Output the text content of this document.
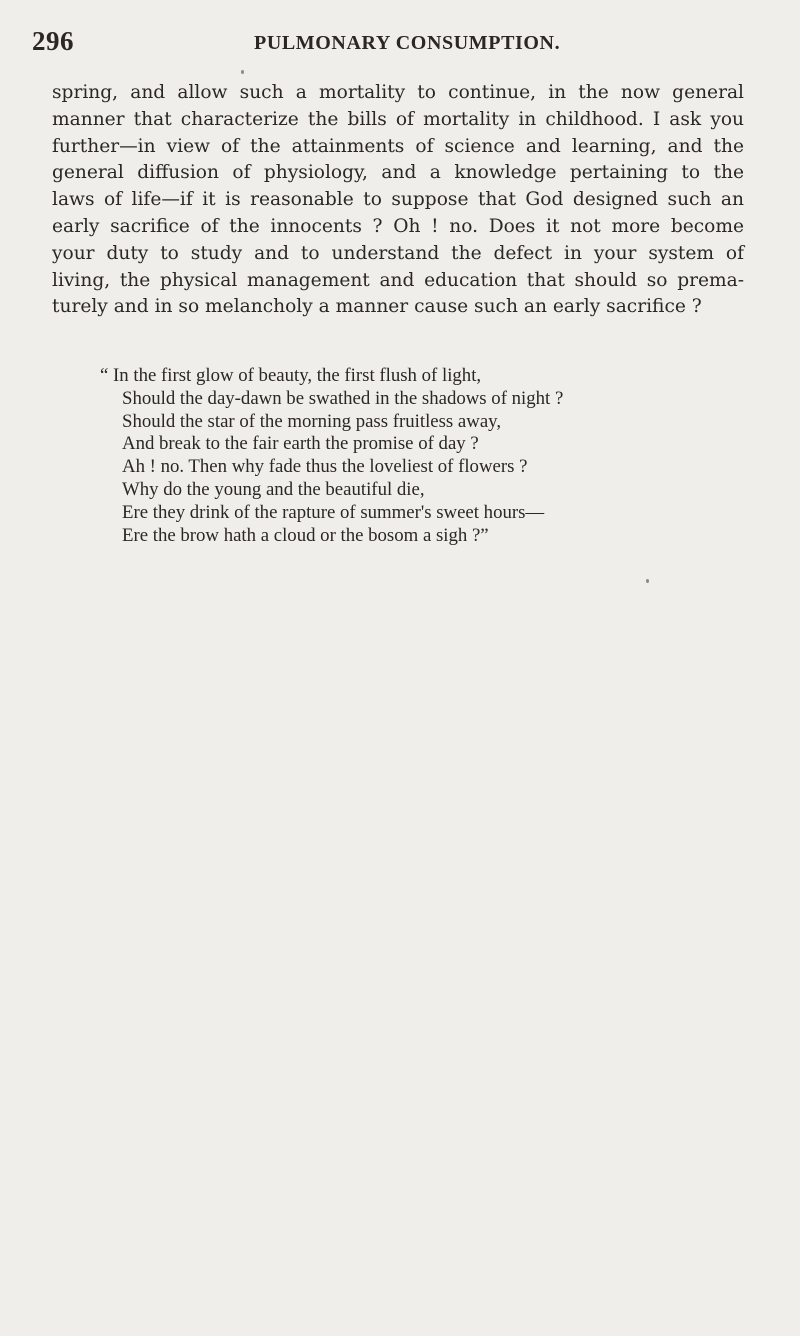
296	PULMONARY CONSUMPTION.
spring, and allow such a mortality to continue, in the now general
manner that characterize the bills of mortality in childhood. I ask you
further—in view of the attainments of science and learning, and the
general diffusion of physiology, and a knowledge pertaining to the
laws of life—if it is reasonable to suppose that God designed such an
early sacrifice of the innocents ? Oh ! no. Does it not more become
your duty to study and to understand the defect in your system of
living, the physical management and education that should so prema-
turely and in so melancholy a manner cause such an early sacrifice ?
“ In the first glow of beauty, the first flush of light,
Should the day-dawn be swathed in the shadows of night ?
Should the star of the morning pass fruitless away,
And break to the fair earth the promise of day ?
Ah ! no. Then why fade thus the loveliest of flowers ?
Why do the young and the beautiful die,
Ere they drink of the rapture of summer's sweet hours—
Ere the brow hath a cloud or the bosom a sigh ?”
